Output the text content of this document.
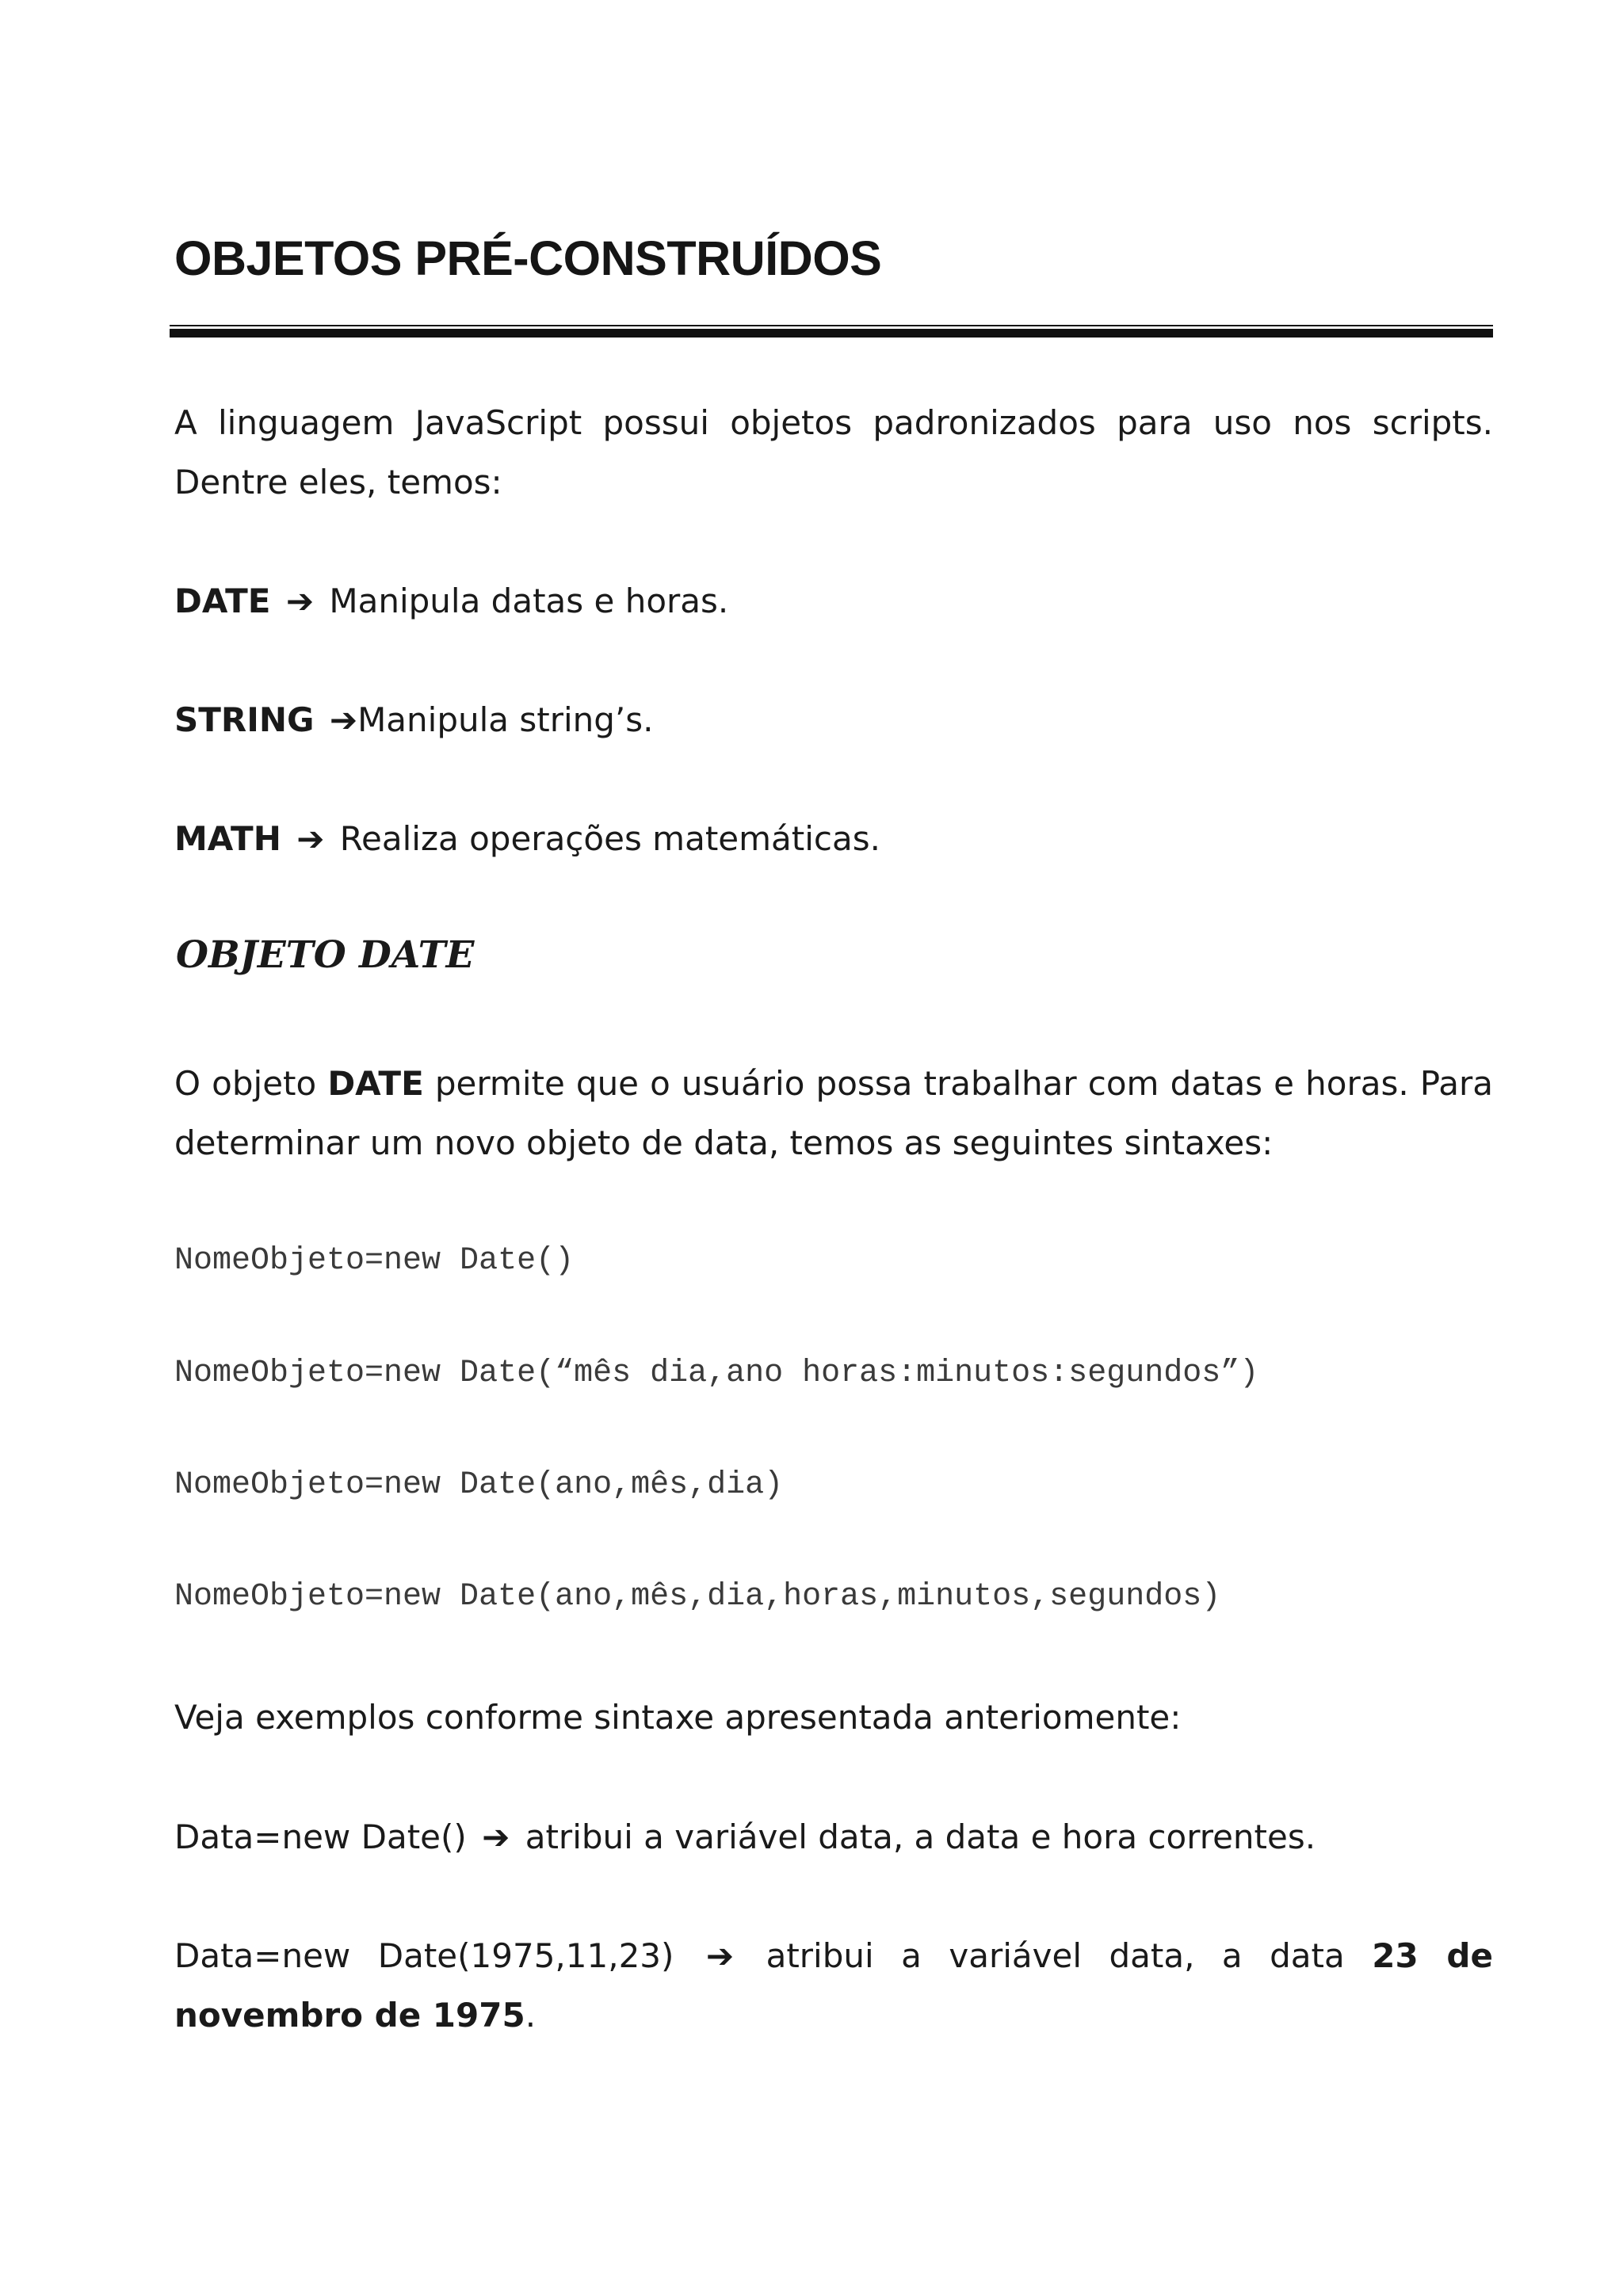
OBJETOS PRÉ-CONSTRUÍDOS

A linguagem JavaScript possui objetos padronizados para uso nos scripts.

Dentre eles, temos:

DATE ➔ Manipula datas e horas.

STRING ➔Manipula string’s.

MATH ➔ Realiza operações matemáticas.

OBJETO DATE

O objeto DATE permite que o usuário possa trabalhar com datas e horas. Para

determinar um novo objeto de data, temos as seguintes sintaxes:

NomeObjeto=new Date()

NomeObjeto=new Date(“mês dia,ano horas:minutos:segundos”)

NomeObjeto=new Date(ano,mês,dia)

NomeObjeto=new Date(ano,mês,dia,horas,minutos,segundos)

Veja exemplos conforme sintaxe apresentada anteriomente:

Data=new Date() ➔ atribui a variável data, a data e hora correntes.

Data=new Date(1975,11,23) ➔ atribui a variável data, a data 23 de

novembro de 1975.
